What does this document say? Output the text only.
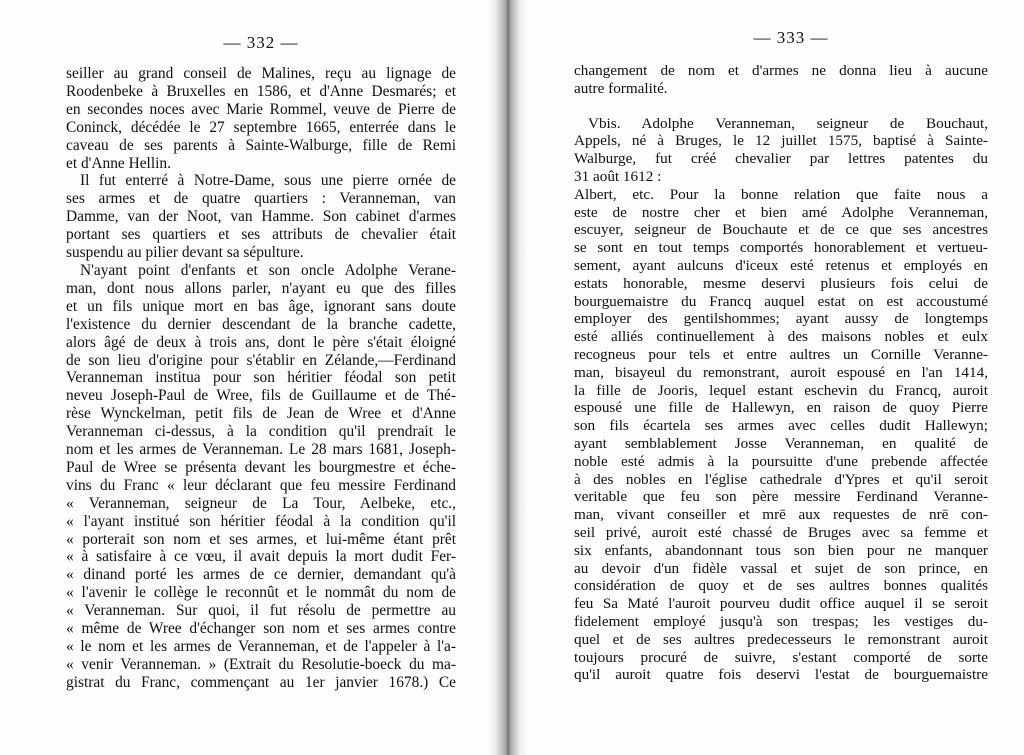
— 332 —
seiller au grand conseil de Malines, reçu au lignage de
Roodenbeke à Bruxelles en 1586, et d'Anne Desmarés; et
en secondes noces avec Marie Rommel, veuve de Pierre de
Coninck, décédée le 27 septembre 1665, enterrée dans le
caveau de ses parents à Sainte-Walburge, fille de Remi
et d'Anne Hellin.
Il fut enterré à Notre-Dame, sous une pierre ornée de
ses armes et de quatre quartiers : Veranneman, van
Damme, van der Noot, van Hamme. Son cabinet d'armes
portant ses quartiers et ses attributs de chevalier était
suspendu au pilier devant sa sépulture.
N'ayant point d'enfants et son oncle Adolphe Verane-
man, dont nous allons parler, n'ayant eu que des filles
et un fils unique mort en bas âge, ignorant sans doute
l'existence du dernier descendant de la branche cadette,
alors âgé de deux à trois ans, dont le père s'était éloigné
de son lieu d'origine pour s'établir en Zélande,—Ferdinand
Veranneman institua pour son héritier féodal son petit
neveu Joseph-Paul de Wree, fils de Guillaume et de Thé-
rèse Wynckelman, petit fils de Jean de Wree et d'Anne
Veranneman ci-dessus, à la condition qu'il prendrait le
nom et les armes de Veranneman. Le 28 mars 1681, Joseph-
Paul de Wree se présenta devant les bourgmestre et éche-
vins du Franc « leur déclarant que feu messire Ferdinand
« Veranneman, seigneur de La Tour, Aelbeke, etc.,
« l'ayant institué son héritier féodal à la condition qu'il
« porterait son nom et ses armes, et lui-même étant prêt
« à satisfaire à ce vœu, il avait depuis la mort dudit Fer-
« dinand porté les armes de ce dernier, demandant qu'à
« l'avenir le collège le reconnût et le nommât du nom de
« Veranneman. Sur quoi, il fut résolu de permettre au
« même de Wree d'échanger son nom et ses armes contre
« le nom et les armes de Veranneman, et de l'appeler à l'a-
« venir Veranneman. » (Extrait du Resolutie-boeck du ma-
gistrat du Franc, commençant au 1er janvier 1678.) Ce
— 333 —
changement de nom et d'armes ne donna lieu à aucune
autre formalité.
Vbis. Adolphe Veranneman, seigneur de Bouchaut,
Appels, né à Bruges, le 12 juillet 1575, baptisé à Sainte-
Walburge, fut créé chevalier par lettres patentes du
31 août 1612 :
Albert, etc. Pour la bonne relation que faite nous a
este de nostre cher et bien amé Adolphe Veranneman,
escuyer, seigneur de Bouchaute et de ce que ses ancestres
se sont en tout temps comportés honorablement et vertueu-
sement, ayant aulcuns d'iceux esté retenus et employés en
estats honorable, mesme deservi plusieurs fois celui de
bourguemaistre du Francq auquel estat on est accoustumé
employer des gentilshommes; ayant aussy de longtemps
esté alliés continuellement à des maisons nobles et eulx
recogneus pour tels et entre aultres un Cornille Veranne-
man, bisayeul du remonstrant, auroit espousé en l'an 1414,
la fille de Jooris, lequel estant eschevin du Francq, auroit
espousé une fille de Hallewyn, en raison de quoy Pierre
son fils écartela ses armes avec celles dudit Hallewyn;
ayant semblablement Josse Veranneman, en qualité de
noble esté admis à la poursuitte d'une prebende affectée
à des nobles en l'église cathedrale d'Ypres et qu'il seroit
veritable que feu son père messire Ferdinand Veranne-
man, vivant conseiller et mrē aux requestes de nrē con-
seil privé, auroit esté chassé de Bruges avec sa femme et
six enfants, abandonnant tous son bien pour ne manquer
au devoir d'un fidèle vassal et sujet de son prince, en
considération de quoy et de ses aultres bonnes qualités
feu Sa Maté l'auroit pourveu dudit office auquel il se seroit
fidelement employé jusqu'à son trespas; les vestiges du-
quel et de ses aultres predecesseurs le remonstrant auroit
toujours procuré de suivre, s'estant comporté de sorte
qu'il auroit quatre fois deservi l'estat de bourguemaistre
